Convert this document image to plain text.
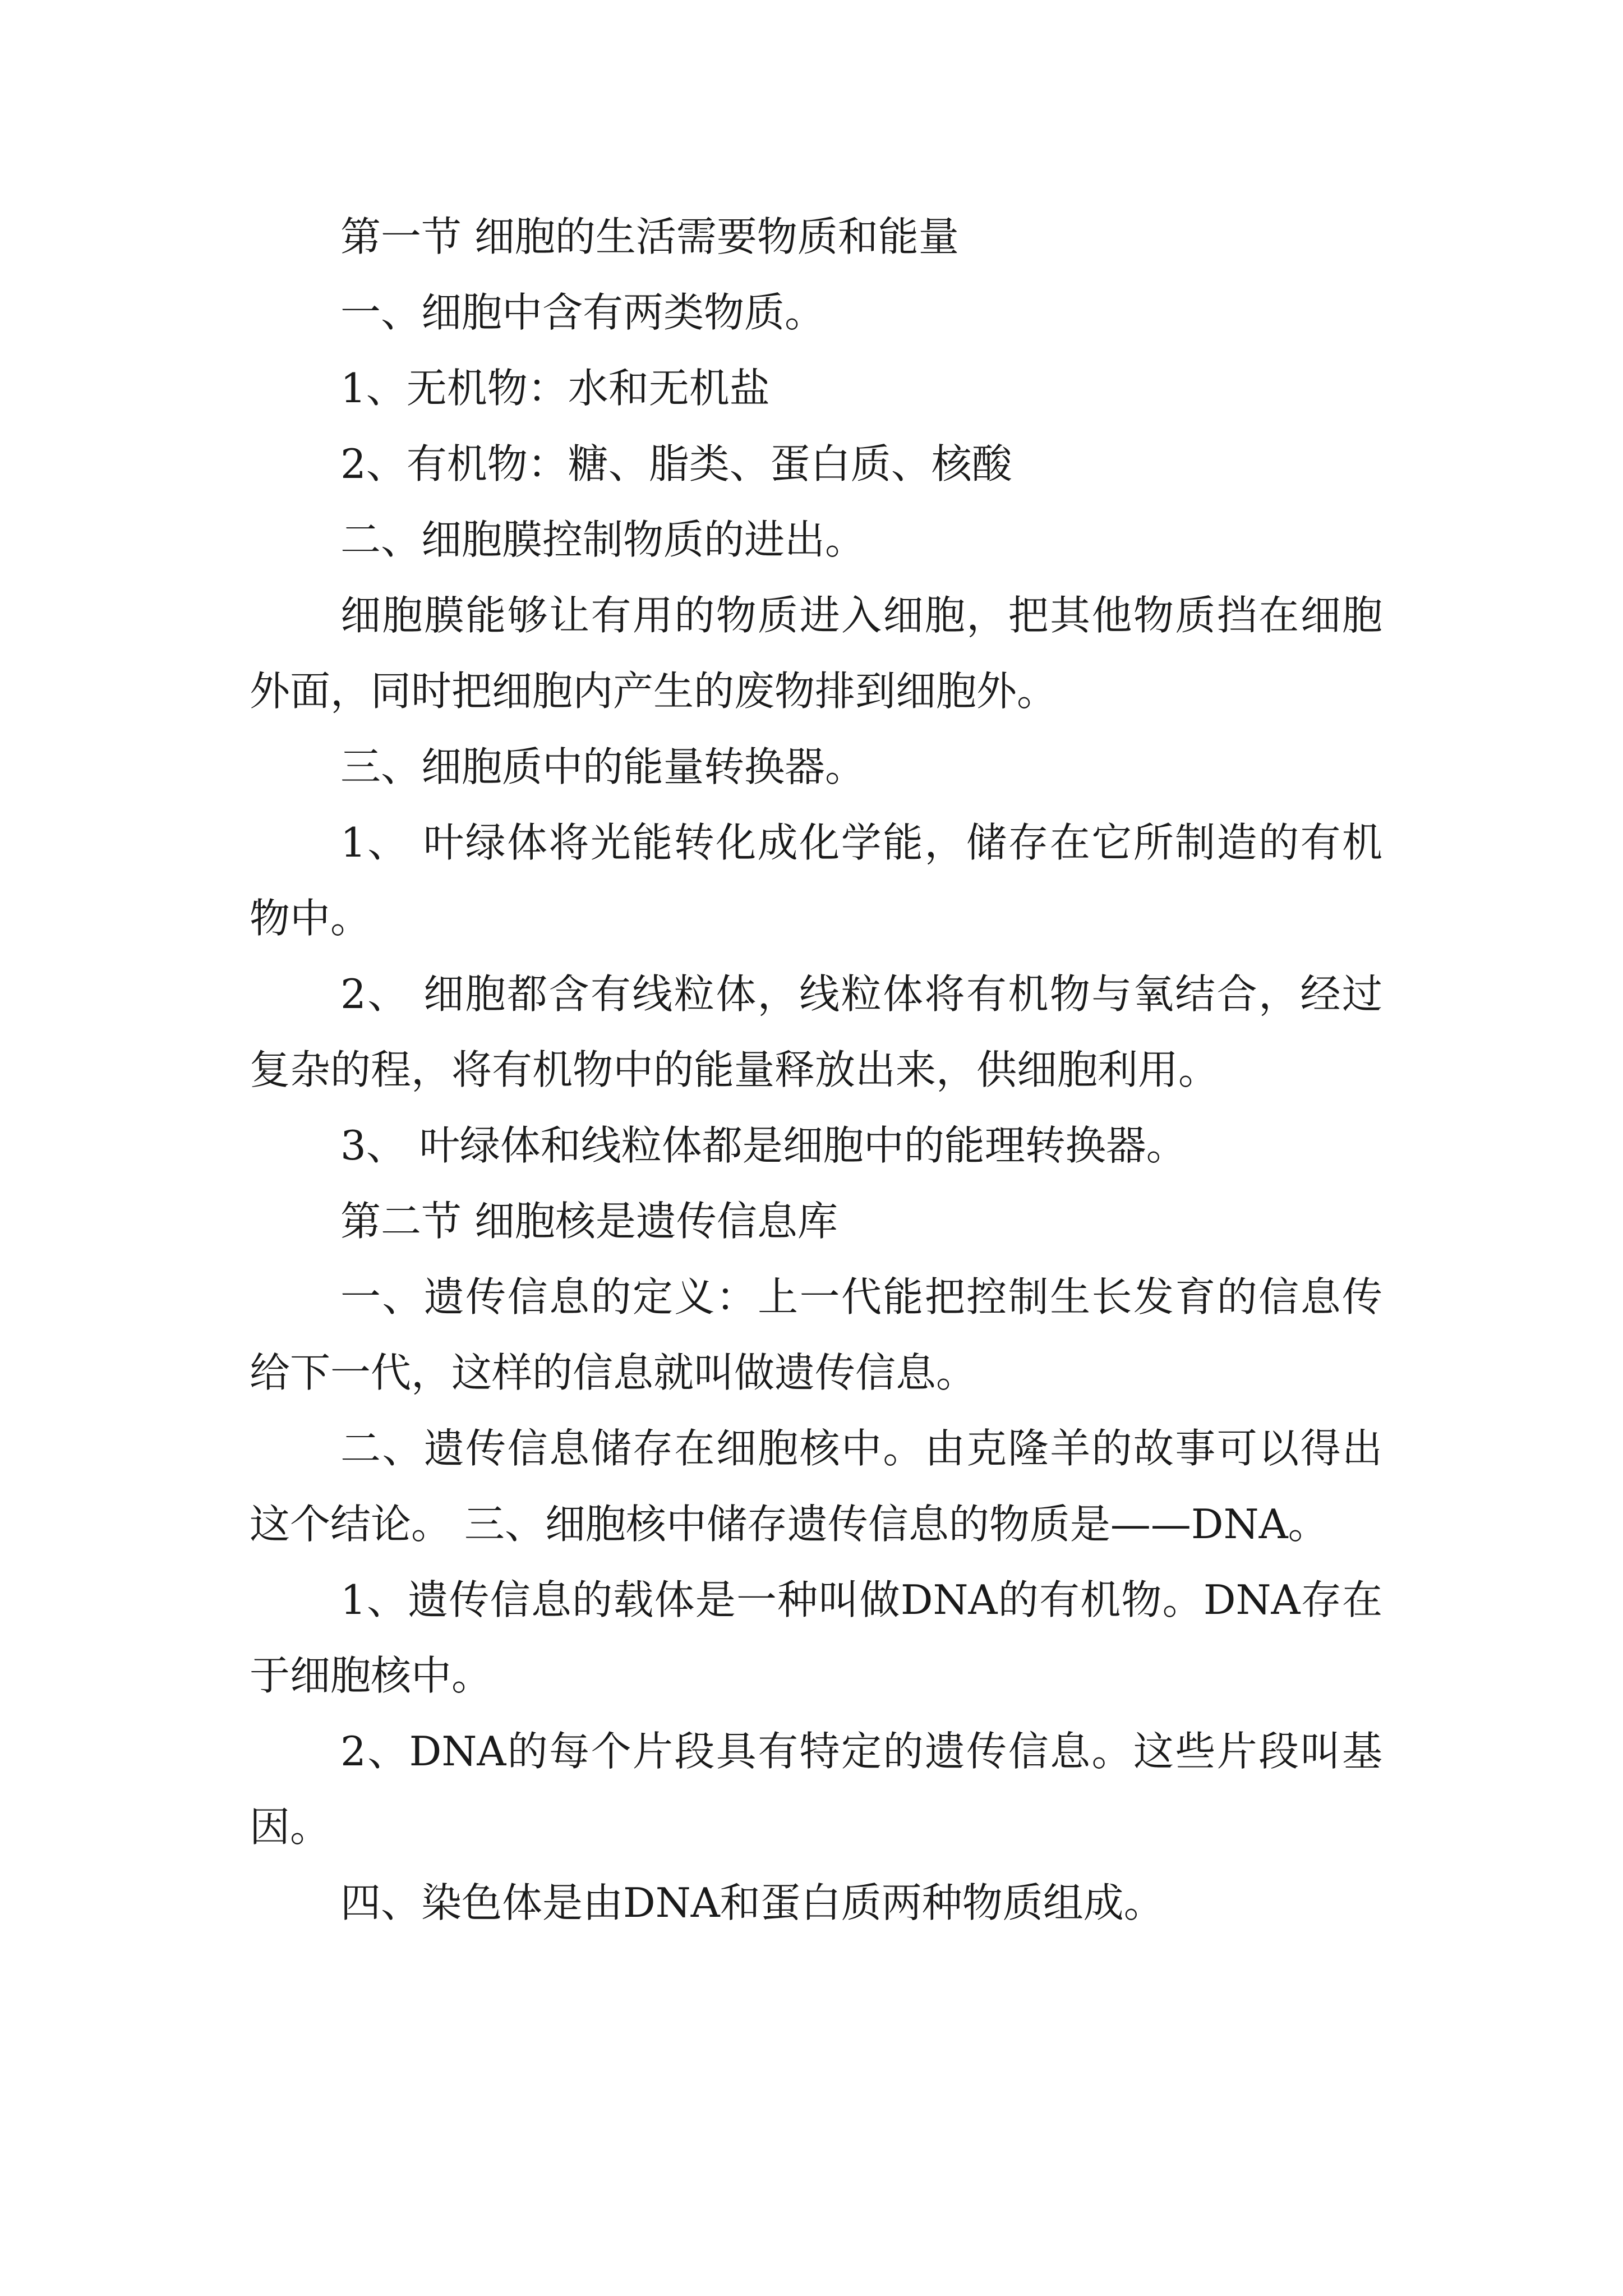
第一节 细胞的生活需要物质和能量

一、细胞中含有两类物质。

1、无机物：水和无机盐

2、有机物：糖、脂类、蛋白质、核酸

二、细胞膜控制物质的进出。

细胞膜能够让有用的物质进入细胞，把其他物质挡在细胞外面，同时把细胞内产生的废物排到细胞外。

三、细胞质中的能量转换器。

1、 叶绿体将光能转化成化学能，储存在它所制造的有机物中。

2、 细胞都含有线粒体，线粒体将有机物与氧结合，经过复杂的程，将有机物中的能量释放出来，供细胞利用。

3、 叶绿体和线粒体都是细胞中的能理转换器。

第二节 细胞核是遗传信息库

一、遗传信息的定义：上一代能把控制生长发育的信息传给下一代，这样的信息就叫做遗传信息。

二、遗传信息储存在细胞核中。由克隆羊的故事可以得出这个结论。 三、细胞核中储存遗传信息的物质是——DNA。

1、遗传信息的载体是一种叫做DNA的有机物。DNA存在于细胞核中。

2、DNA的每个片段具有特定的遗传信息。这些片段叫基因。

四、染色体是由DNA和蛋白质两种物质组成。
